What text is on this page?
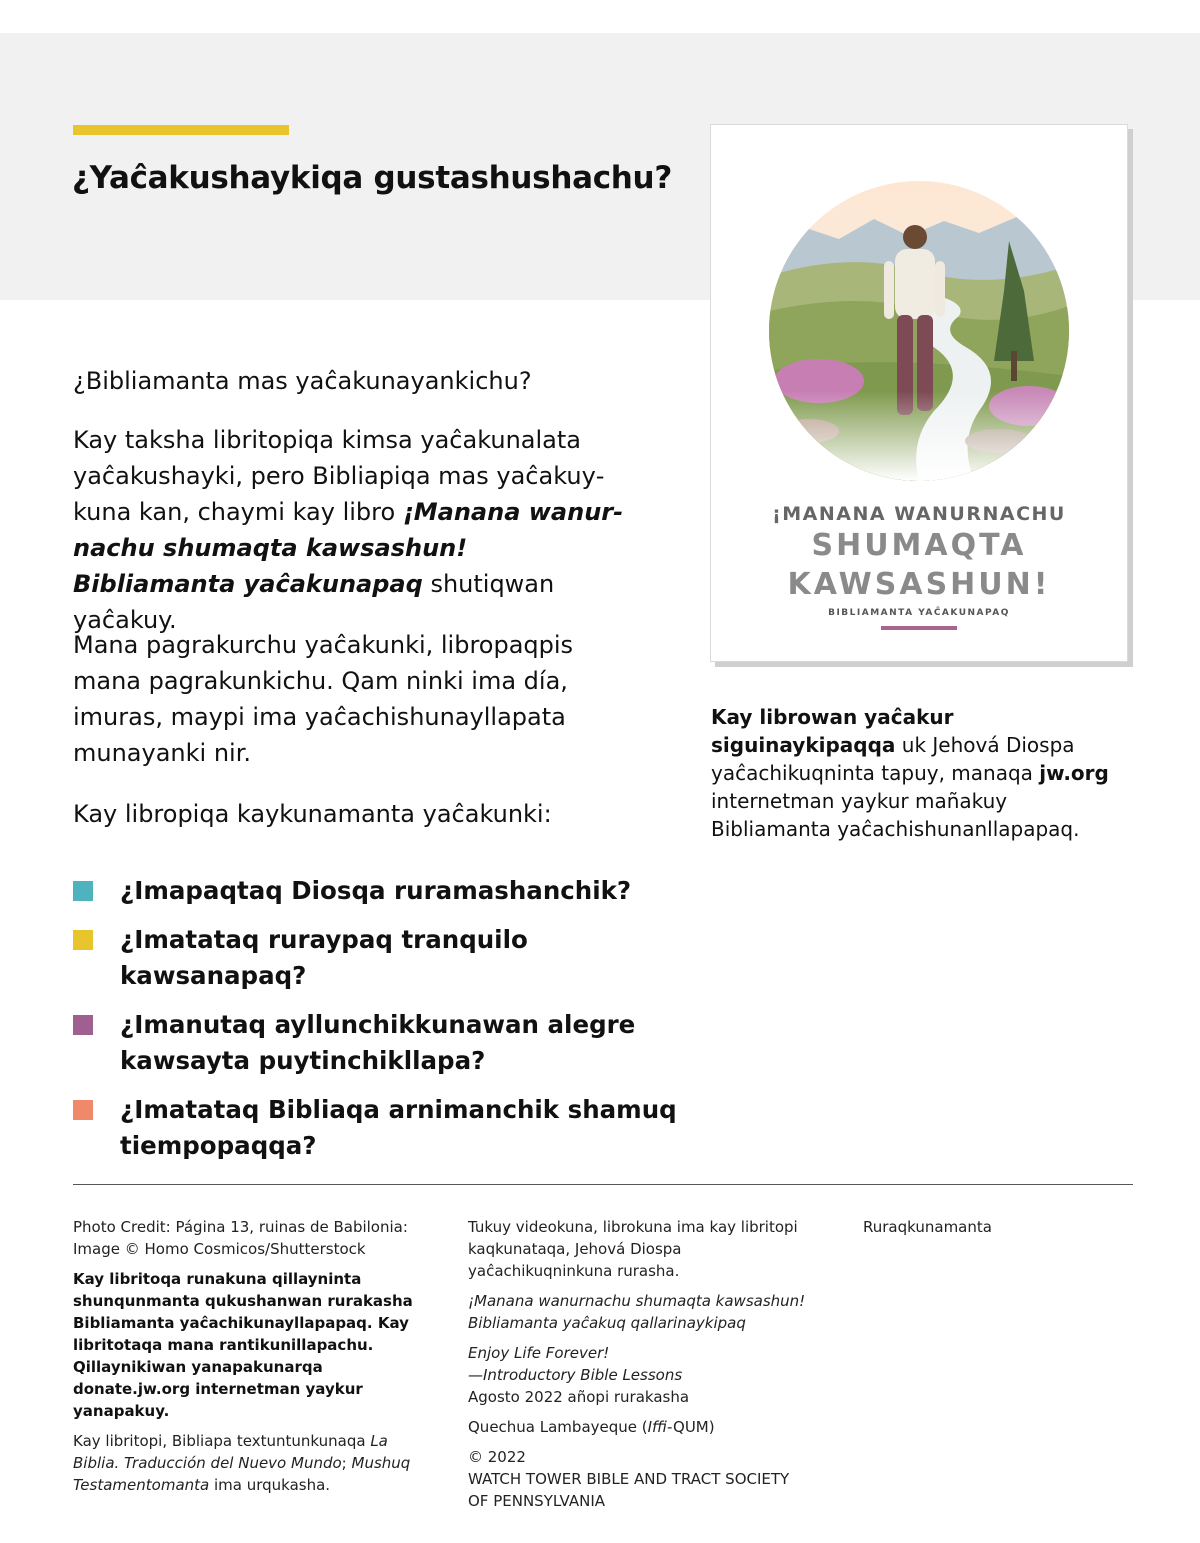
¿Yaĉakushaykiqa gustashushachu?

¿Bibliamanta mas yaĉakunayankichu?

Kay taksha libritopiqa kimsa yaĉakunalata yaĉakushayki, pero Bibliapiqa mas yaĉakuykuna kan, chaymi kay libro ¡Manana wanurnachu shumaqta kawsashun! Bibliamanta yaĉakunapaq shutiqwan yaĉakuy.

Mana pagrakurchu yaĉakunki, libropaqpis mana pagrakunkichu. Qam ninki ima día, imuras, maypi ima yaĉachishunayllapata munayanki nir.

Kay libropiqa kaykunamanta yaĉakunki:

¿Imapaqtaq Diosqa ruramashanchik?
¿Imatataq ruraypaq tranquilo kawsanapaq?
¿Imanutaq ayllunchikkunawan alegre kawsayta puytinchikllapa?
¿Imatataq Bibliaqa arnimanchik shamuq tiempopaqqa?
¡MANANA WANURNACHU
SHUMAQTA
KAWSASHUN!
BIBLIAMANTA YAĈAKUNAPAQ

Kay librowan yaĉakur siguinaykipaqqa uk Jehová Diospa yaĉachikuqninta tapuy, manaqa jw.org internetman yaykur mañakuy Bibliamanta yaĉachishunanllapapaq.

Photo Credit: Página 13, ruinas de Babilonia: Image © Homo Cosmicos/Shutterstock

Kay libritoqa runakuna qillayninta shunqunmanta qukushanwan rurakasha Bibliamanta yaĉachikunayllapapaq. Kay libritotaqa mana rantikunillapachu. Qillaynikiwan yanapakunarqa donate.jw.org internetman yaykur yanapakuy.

Kay libritopi, Bibliapa textuntunkunaqa La Biblia. Traducción del Nuevo Mundo; Mushuq Testamentomanta ima urqukasha.

Tukuy videokuna, librokuna ima kay libritopi kaqkunataqa, Jehová Diospa yaĉachikuqninkuna rurasha.

¡Manana wanurnachu shumaqta kawsashun! Bibliamanta yaĉakuq qallarinaykipaq

Enjoy Life Forever!
—Introductory Bible Lessons
Agosto 2022 añopi rurakasha

Quechua Lambayeque (Iffi-QUM)

© 2022
WATCH TOWER BIBLE AND TRACT SOCIETY
OF PENNSYLVANIA

Ruraqkunamanta
